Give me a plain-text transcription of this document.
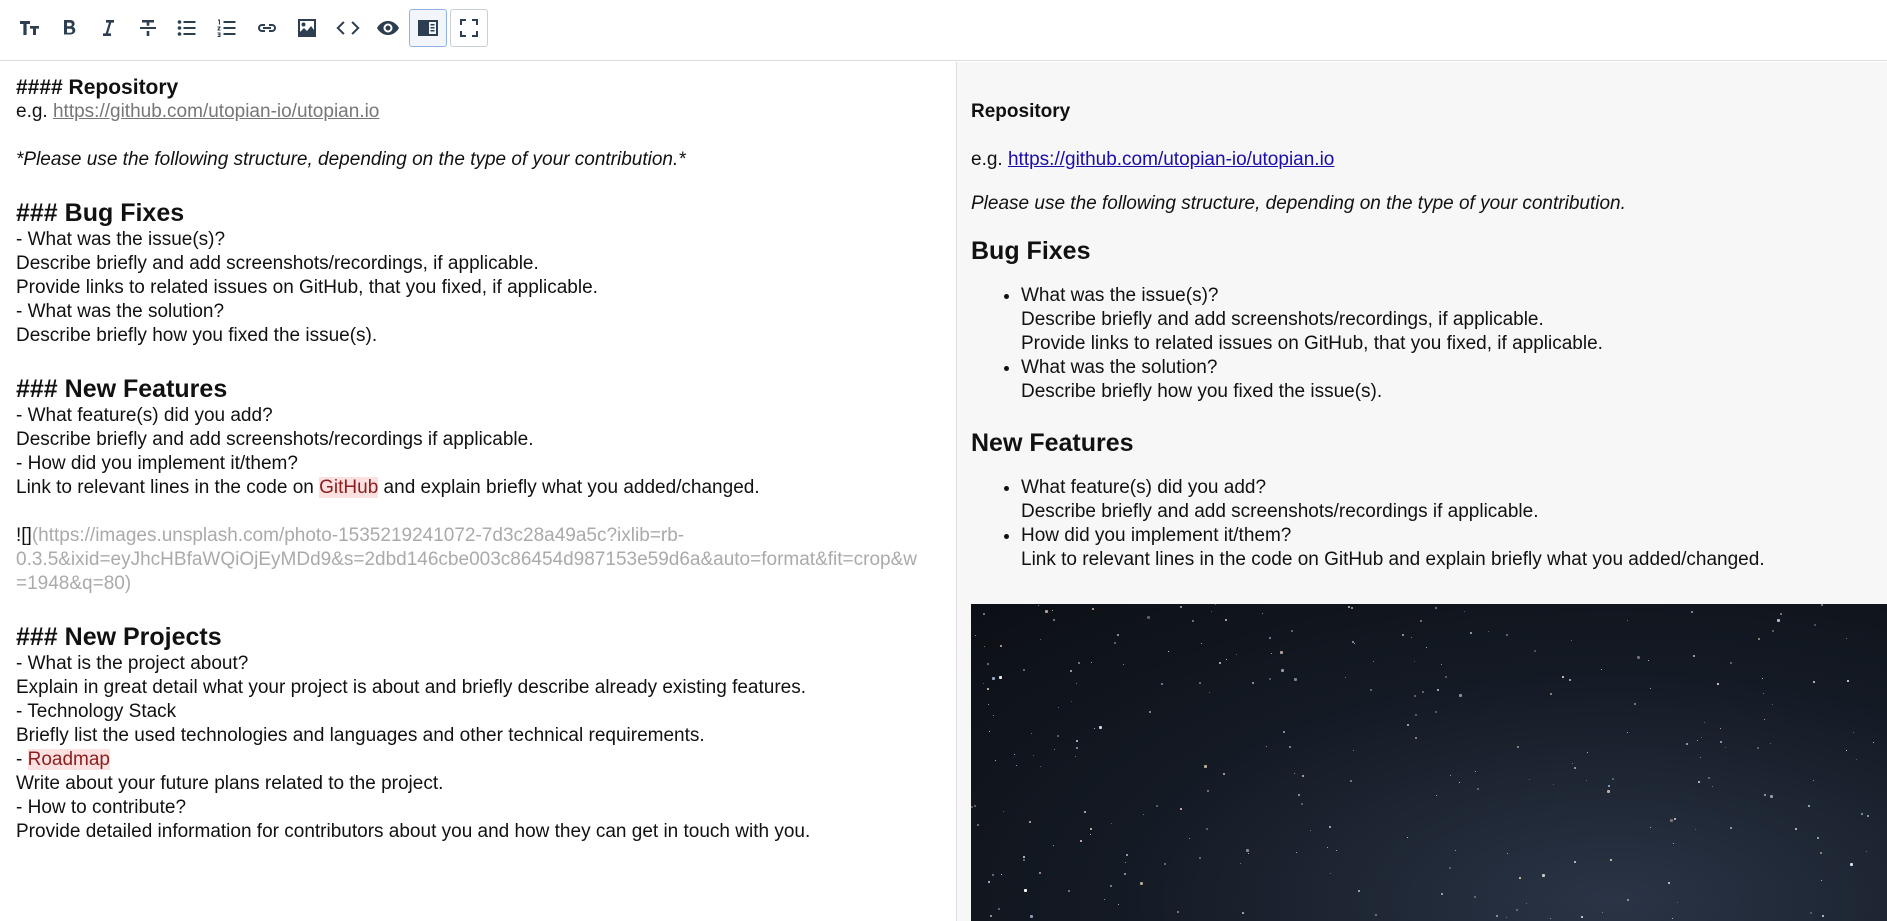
#### Repository
e.g. https://github.com/utopian-io/utopian.io
*Please use the following structure, depending on the type of your contribution.*
### Bug Fixes
- What was the issue(s)?
Describe briefly and add screenshots/recordings, if applicable.
Provide links to related issues on GitHub, that you fixed, if applicable.
- What was the solution?
Describe briefly how you fixed the issue(s).
### New Features
- What feature(s) did you add?
Describe briefly and add screenshots/recordings if applicable.
- How did you implement it/them?
Link to relevant lines in the code on GitHub and explain briefly what you added/changed.
![](https://images.unsplash.com/photo-1535219241072-7d3c28a49a5c?ixlib=rb-
0.3.5&ixid=eyJhcHBfaWQiOjEyMDd9&s=2dbd146cbe003c86454d987153e59d6a&auto=format&fit=crop&w
=1948&q=80)
### New Projects
- What is the project about?
Explain in great detail what your project is about and briefly describe already existing features.
- Technology Stack
Briefly list the used technologies and languages and other technical requirements.
- Roadmap
Write about your future plans related to the project.
- How to contribute?
Provide detailed information for contributors about you and how they can get in touch with you.
Repository
e.g. https://github.com/utopian-io/utopian.io
Please use the following structure, depending on the type of your contribution.
Bug Fixes
• What was the issue(s)?
Describe briefly and add screenshots/recordings, if applicable.
Provide links to related issues on GitHub, that you fixed, if applicable.
• What was the solution?
Describe briefly how you fixed the issue(s).
New Features
• What feature(s) did you add?
Describe briefly and add screenshots/recordings if applicable.
• How did you implement it/them?
Link to relevant lines in the code on GitHub and explain briefly what you added/changed.
